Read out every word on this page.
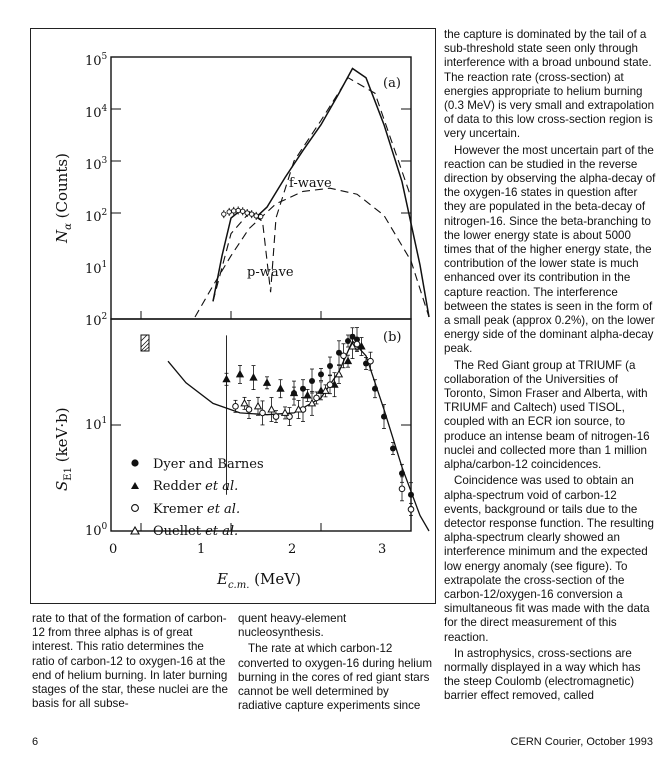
$10^5$
$10^4$
$10^3$
$10^2$
$10^1$
$10^2$
$10^1$
$10^0$
0	1	2	3
$N_\alpha$ (Counts)
$S_{E1}$ (keV·b)
$E_{c.m.}$ (MeV)
(a)
(b)
f-wave
p-wave
Dyer and Barnes
Redder et al.
Kremer et al.
Ouellet et al.

the capture is dominated by the tail of a sub-threshold state seen only through interference with a broad unbound state. The reaction rate (cross-section) at energies appropriate to helium burning (0.3 MeV) is very small and extrapolation of data to this low cross-section region is very uncertain.

However the most uncertain part of the reaction can be studied in the reverse direction by observing the alpha-decay of the oxygen-16 states in question after they are populated in the beta-decay of nitrogen-16. Since the beta-branching to the lower energy state is about 5000 times that of the higher energy state, the contribution of the lower state is much enhanced over its contribution in the capture reaction. The interference between the states is seen in the form of a small peak (approx 0.2%), on the lower energy side of the dominant alpha-decay peak.

The Red Giant group at TRIUMF (a collaboration of the Universities of Toronto, Simon Fraser and Alberta, with TRIUMF and Caltech) used TISOL, coupled with an ECR ion source, to produce an intense beam of nitrogen-16 nuclei and collected more than 1 million alpha/carbon-12 coincidences.

Coincidence was used to obtain an alpha-spectrum void of carbon-12 events, background or tails due to the detector response function. The resulting alpha-spectrum clearly showed an interference minimum and the expected low energy anomaly (see figure). To extrapolate the cross-section of the carbon-12/oxygen-16 conversion a simultaneous fit was made with the data for the direct measurement of this reaction.

In astrophysics, cross-sections are normally displayed in a way which has the steep Coulomb (electromagnetic) barrier effect removed, called

rate to that of the formation of carbon-12 from three alphas is of great interest. This ratio determines the ratio of carbon-12 to oxygen-16 at the end of helium burning. In later burning stages of the star, these nuclei are the basis for all subse-

quent heavy-element nucleosynthesis.

The rate at which carbon-12 converted to oxygen-16 during helium burning in the cores of red giant stars cannot be well determined by radiative capture experiments since

6	CERN Courier, October 1993
